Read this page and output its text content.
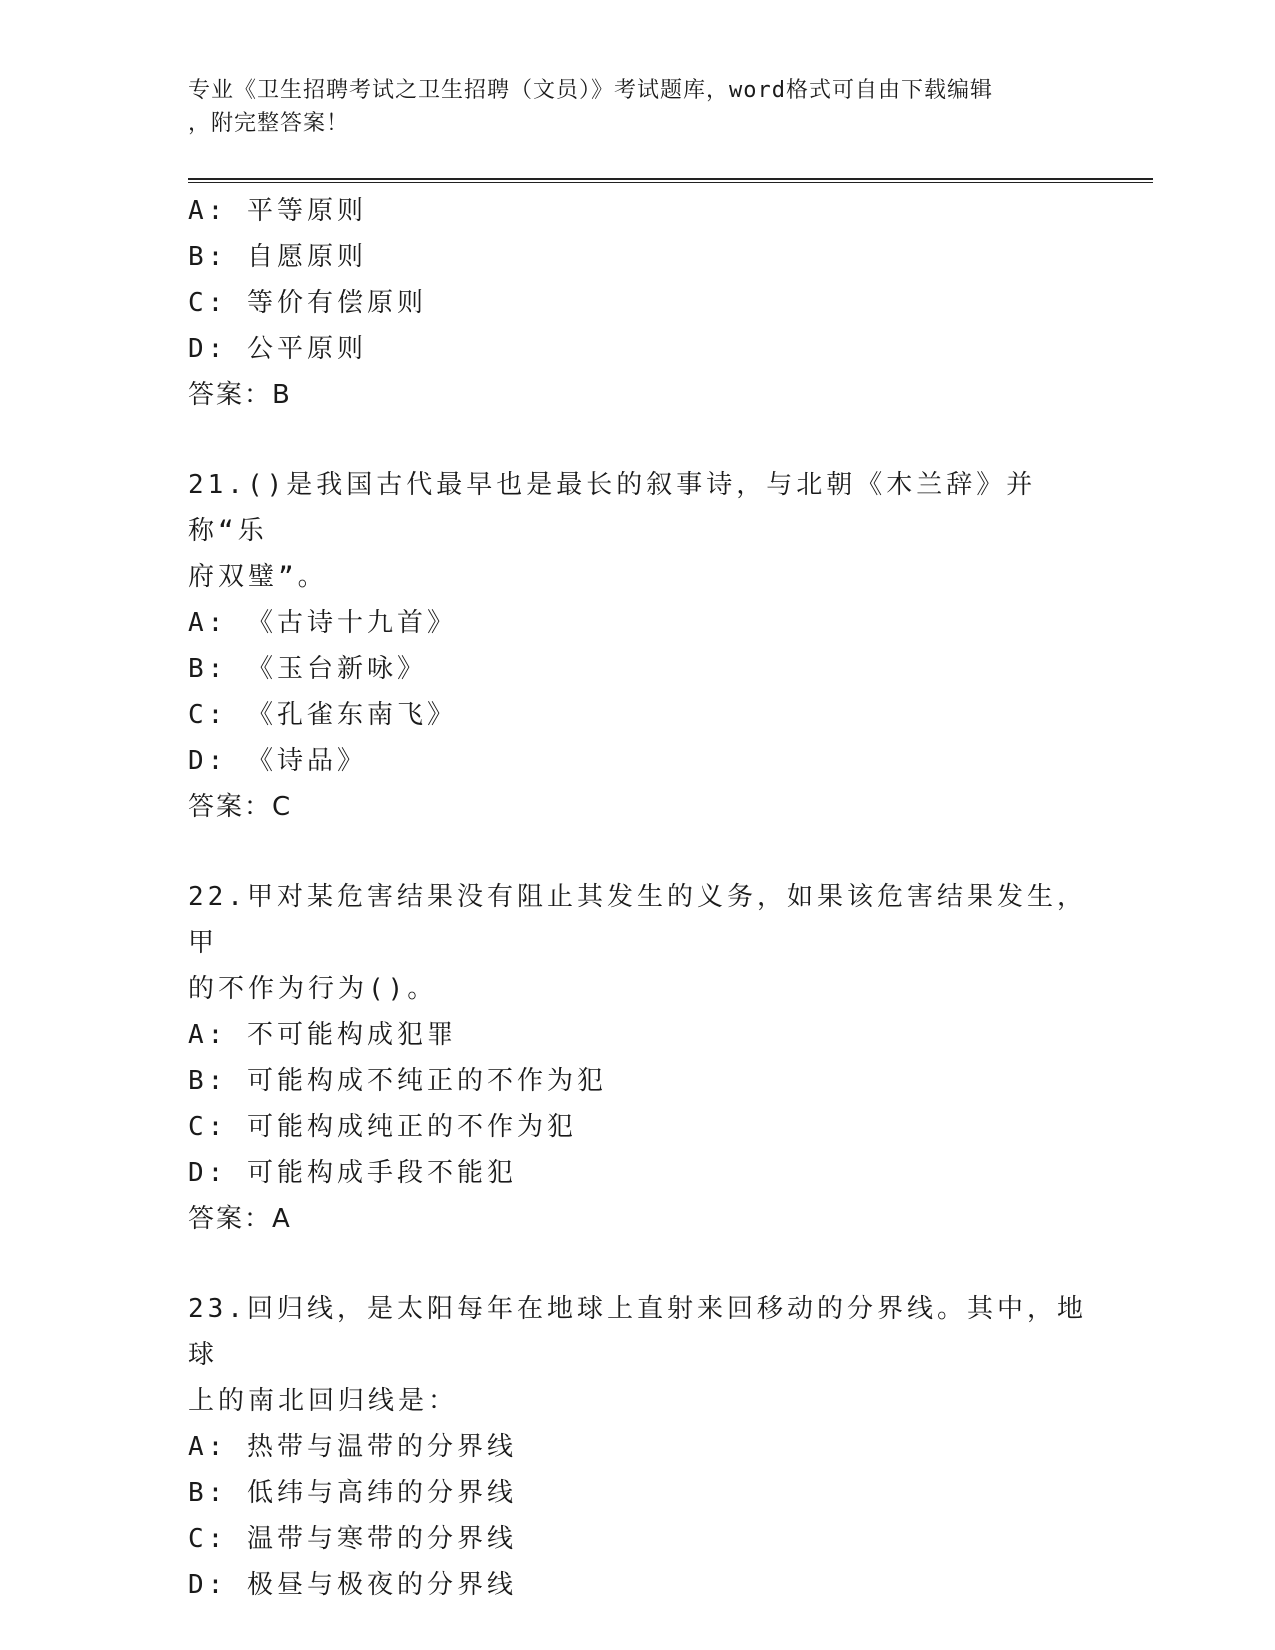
专业《卫生招聘考试之卫生招聘（文员）》考试题库，word格式可自由下载编辑
，附完整答案！
A: 平等原则
B: 自愿原则
C: 等价有偿原则
D: 公平原则
答案：B
21.()是我国古代最早也是最长的叙事诗，与北朝《木兰辞》并称“乐
府双璧”。
A: 《古诗十九首》
B: 《玉台新咏》
C: 《孔雀东南飞》
D: 《诗品》
答案：C
22.甲对某危害结果没有阻止其发生的义务，如果该危害结果发生，甲
的不作为行为()。
A: 不可能构成犯罪
B: 可能构成不纯正的不作为犯
C: 可能构成纯正的不作为犯
D: 可能构成手段不能犯
答案：A
23.回归线，是太阳每年在地球上直射来回移动的分界线。其中，地球
上的南北回归线是：
A: 热带与温带的分界线
B: 低纬与高纬的分界线
C: 温带与寒带的分界线
D: 极昼与极夜的分界线
